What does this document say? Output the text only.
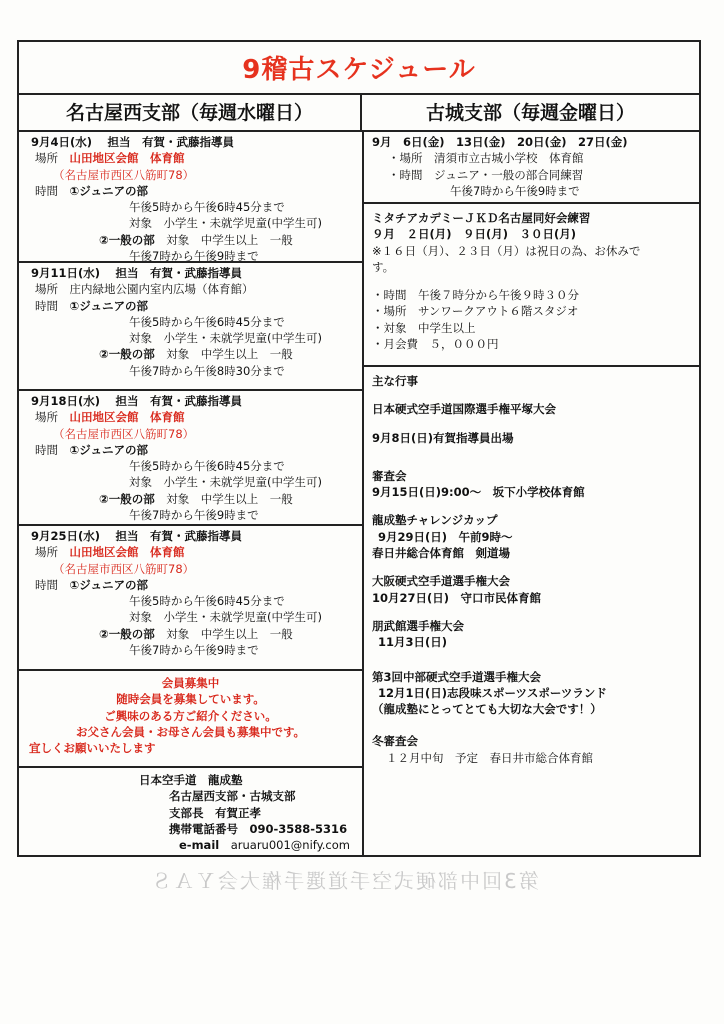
9稽古スケジュール
名古屋西支部（毎週水曜日）	古城支部（毎週金曜日）
9月4日(水)　 担当　有賀・武藤指導員
場所　 山田地区会館　体育館
（名古屋市西区八筋町78）
時間　 ①ジュニアの部
午後5時から午後6時45分まで
対象　小学生・未就学児童(中学生可)
②一般の部　 対象　中学生以上　一般
午後7時から午後9時まで
9月11日(水)　 担当　有賀・武藤指導員
場所　 庄内緑地公園内室内広場（体育館）
時間　 ①ジュニアの部
午後5時から午後6時45分まで
対象　小学生・未就学児童(中学生可)
②一般の部　 対象　中学生以上　一般
午後7時から午後8時30分まで
9月18日(水)　 担当　有賀・武藤指導員
場所　 山田地区会館　体育館
（名古屋市西区八筋町78）
時間　 ①ジュニアの部
午後5時から午後6時45分まで
対象　小学生・未就学児童(中学生可)
②一般の部　 対象　中学生以上　一般
午後7時から午後9時まで
9月25日(水)　 担当　有賀・武藤指導員
場所　 山田地区会館　体育館
（名古屋市西区八筋町78）
時間　 ①ジュニアの部
午後5時から午後6時45分まで
対象　小学生・未就学児童(中学生可)
②一般の部　 対象　中学生以上　一般
午後7時から午後9時まで
会員募集中
随時会員を募集しています。
ご興味のある方ご紹介ください。
お父さん会員・お母さん会員も募集中です。
宜しくお願いいたします
日本空手道　龍成塾
名古屋西支部・古城支部
支部長　有賀正孝
携帯電話番号　 090-3588-5316
e-mail　 aruaru001@nify.com
9月　6日(金)　13日(金)　20日(金)　27日(金)
・場所　清須市立古城小学校　体育館
・時間　ジュニア・一般の部合同練習
午後7時から午後9時まで
ミタチアカデミーＪＫＤ名古屋同好会練習
９月　２日(月)　９日(月)　３０日(月)
※１６日（月）、２３日（月）は祝日の為、お休みで
す。
・時間　午後７時分から午後９時３０分
・場所　サンワークアウト６階スタジオ
・対象　中学生以上
・月会費　５，０００円
主な行事
日本硬式空手道国際選手権平塚大会
9月8日(日)有賀指導員出場
審査会
9月15日(日)9:00～　坂下小学校体育館
龍成塾チャレンジカップ
9月29日(日)　午前9時～
春日井総合体育館　剣道場
大阪硬式空手道選手権大会
10月27日(日)　守口市民体育館
朋武館選手権大会
11月3日(日)
第3回中部硬式空手道選手権大会
12月1日(日)志段味スポーツスポーツランド
（龍成塾にとってとても大切な大会です！）
冬審査会
１２月中旬　予定　春日井市総合体育館
第3回中部硬式空手道選手権大会ＹＡＳ
